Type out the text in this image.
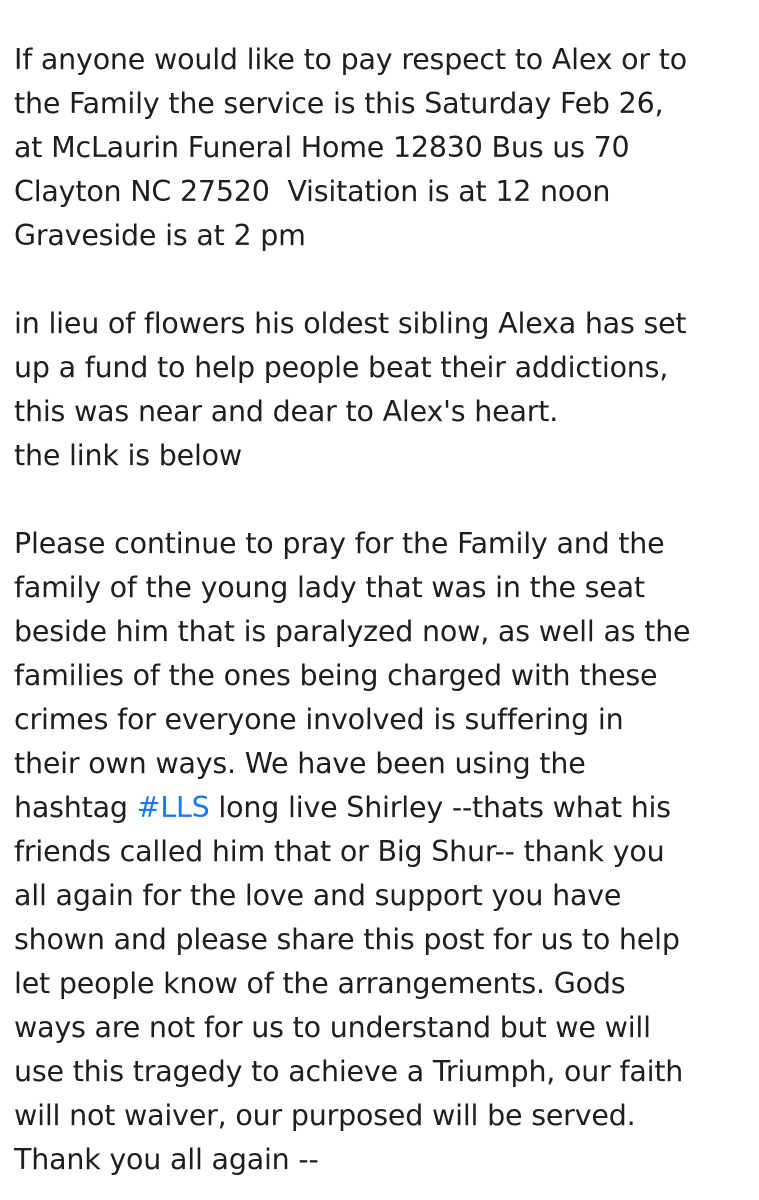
If anyone would like to pay respect to Alex or to
the Family the service is this Saturday Feb 26,
at McLaurin Funeral Home 12830 Bus us 70
Clayton NC 27520  Visitation is at 12 noon
Graveside is at 2 pm
in lieu of flowers his oldest sibling Alexa has set
up a fund to help people beat their addictions,
this was near and dear to Alex's heart.
the link is below
Please continue to pray for the Family and the
family of the young lady that was in the seat
beside him that is paralyzed now, as well as the
families of the ones being charged with these
crimes for everyone involved is suffering in
their own ways. We have been using the
hashtag #LLS long live Shirley --thats what his
friends called him that or Big Shur-- thank you
all again for the love and support you have
shown and please share this post for us to help
let people know of the arrangements. Gods
ways are not for us to understand but we will
use this tragedy to achieve a Triumph, our faith
will not waiver, our purposed will be served.
Thank you all again --
